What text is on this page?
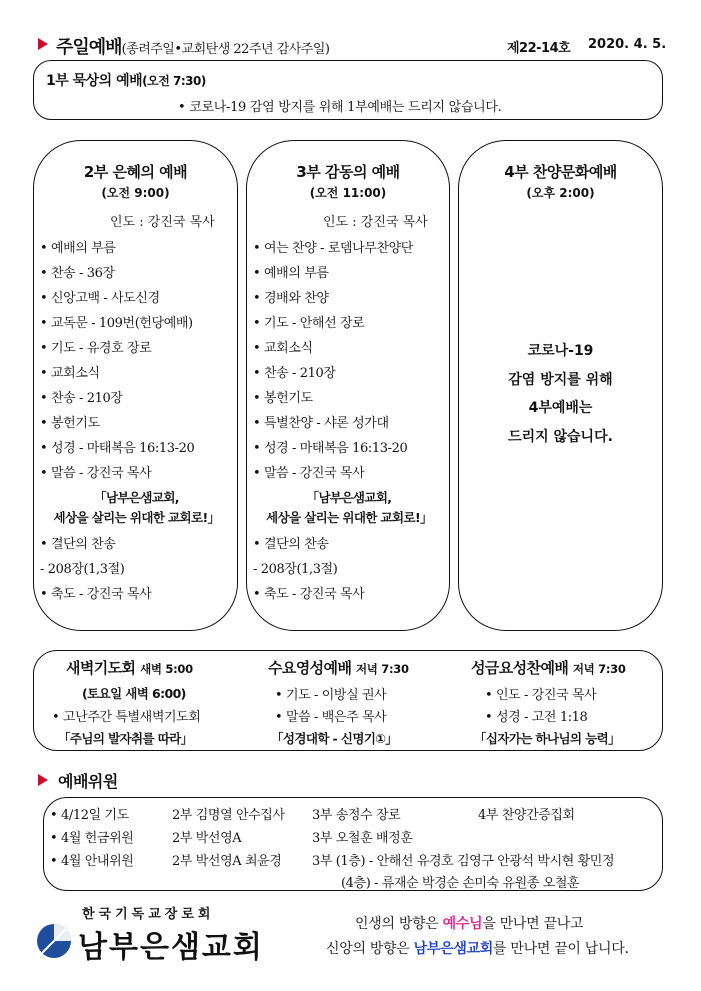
주일예배(종려주일•교회탄생 22주년 감사주일)	제22-14호 2020. 4. 5.
1부 묵상의 예배(오전 7:30)
• 코로나-19 감염 방지를 위해 1부예배는 드리지 않습니다.
2부 은혜의 예배
(오전 9:00)
인도 : 강진국 목사
• 예배의 부름
• 찬송 - 36장
• 신앙고백 - 사도신경
• 교독문 - 109번(헌당예배)
• 기도 - 유경호 장로
• 교회소식
• 찬송 - 210장
• 봉헌기도
• 성경 - 마태복음 16:13-20
• 말씀 - 강진국 목사
「남부은샘교회,
세상을 살리는 위대한 교회로!」
• 결단의 찬송
- 208장(1,3절)
• 축도 - 강진국 목사
3부 감동의 예배
(오전 11:00)
인도 : 강진국 목사
• 여는 찬양 - 로뎀나무찬양단
• 예배의 부름
• 경배와 찬양
• 기도 - 안해선 장로
• 교회소식
• 찬송 - 210장
• 봉헌기도
• 특별찬양 - 샤론 성가대
• 성경 - 마태복음 16:13-20
• 말씀 - 강진국 목사
「남부은샘교회,
세상을 살리는 위대한 교회로!」
• 결단의 찬송
- 208장(1,3절)
• 축도 - 강진국 목사
4부 찬양문화예배
(오후 2:00)
코로나-19
감염 방지를 위해
4부예배는
드리지 않습니다.
새벽기도회 새벽 5:00
(토요일 새벽 6:00)
• 고난주간 특별새벽기도회
「주님의 발자취를 따라」
수요영성예배 저녁 7:30
• 기도 - 이방실 권사
• 말씀 - 백은주 목사
「성경대학 - 신명기①」
성금요성찬예배 저녁 7:30
• 인도 - 강진국 목사
• 성경 - 고전 1:18
「십자가는 하나님의 능력」
예배위원
• 4/12일 기도	2부 김명열 안수집사 3부 송정수 장로	4부 찬양간증집회
• 4월 헌금위원	2부 박선영A	3부 오철훈 배정훈
• 4월 안내위원	2부 박선영A 최윤경 3부 (1층) - 안해선 유경호 김영구 안광석 박시현 황민정
(4층) - 류재순 박경순 손미숙 유원종 오철훈
한국기독교장로회
남부은샘교회
인생의 방향은 예수님을 만나면 끝나고
신앙의 방향은 남부은샘교회를 만나면 끝이 납니다.
